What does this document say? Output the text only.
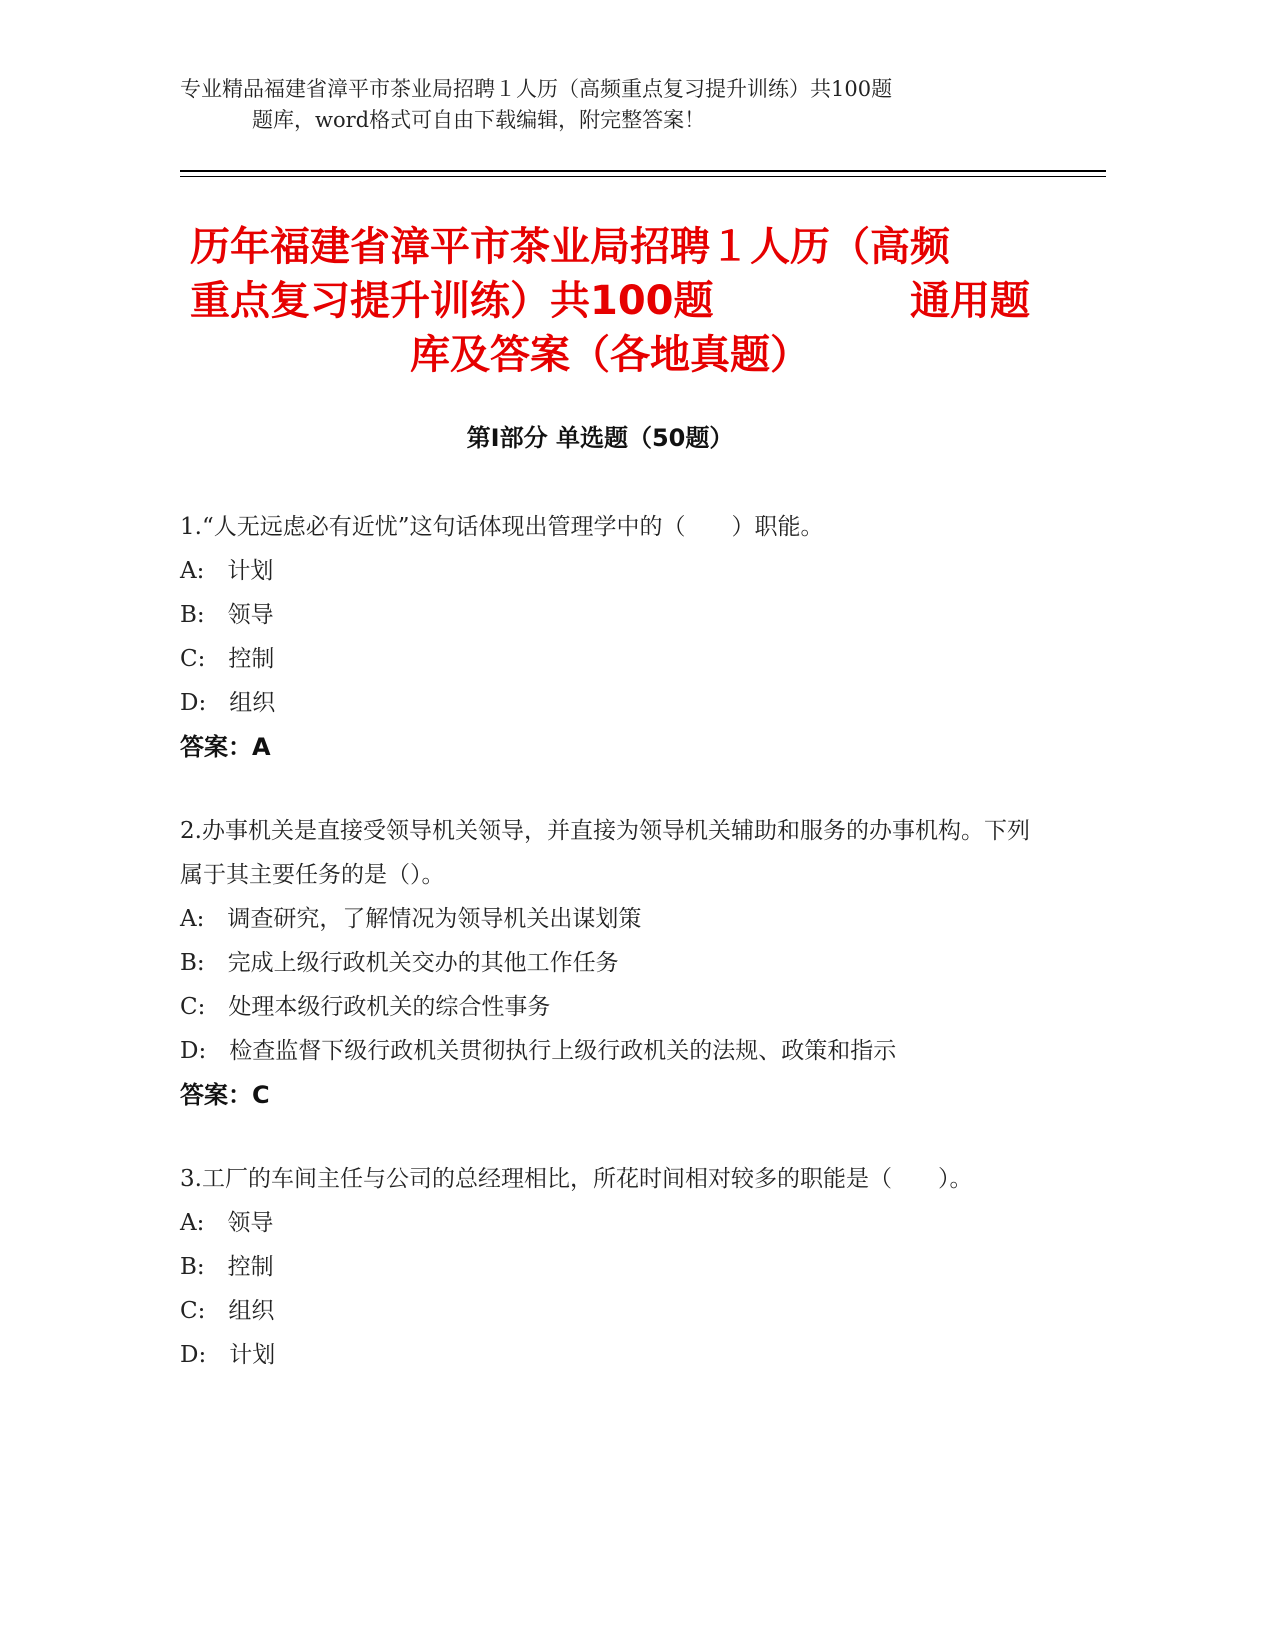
专业精品福建省漳平市茶业局招聘１人历（高频重点复习提升训练）共100题
题库，word格式可自由下载编辑，附完整答案！
历年福建省漳平市茶业局招聘１人历（高频
重点复习提升训练）共100题	通用题
库及答案（各地真题）
第Ⅰ部分 单选题（50题）
1.“人无远虑必有近忧”这句话体现出管理学中的（　　）职能。
A:　计划
B:　领导
C:　控制
D:　组织
答案：A
2.办事机关是直接受领导机关领导，并直接为领导机关辅助和服务的办事机构。下列属于其主要任务的是（）。
A:　调查研究，了解情况为领导机关出谋划策
B:　完成上级行政机关交办的其他工作任务
C:　处理本级行政机关的综合性事务
D:　检查监督下级行政机关贯彻执行上级行政机关的法规、政策和指示
答案：C
3.工厂的车间主任与公司的总经理相比，所花时间相对较多的职能是（　　）。
A:　领导
B:　控制
C:　组织
D:　计划
